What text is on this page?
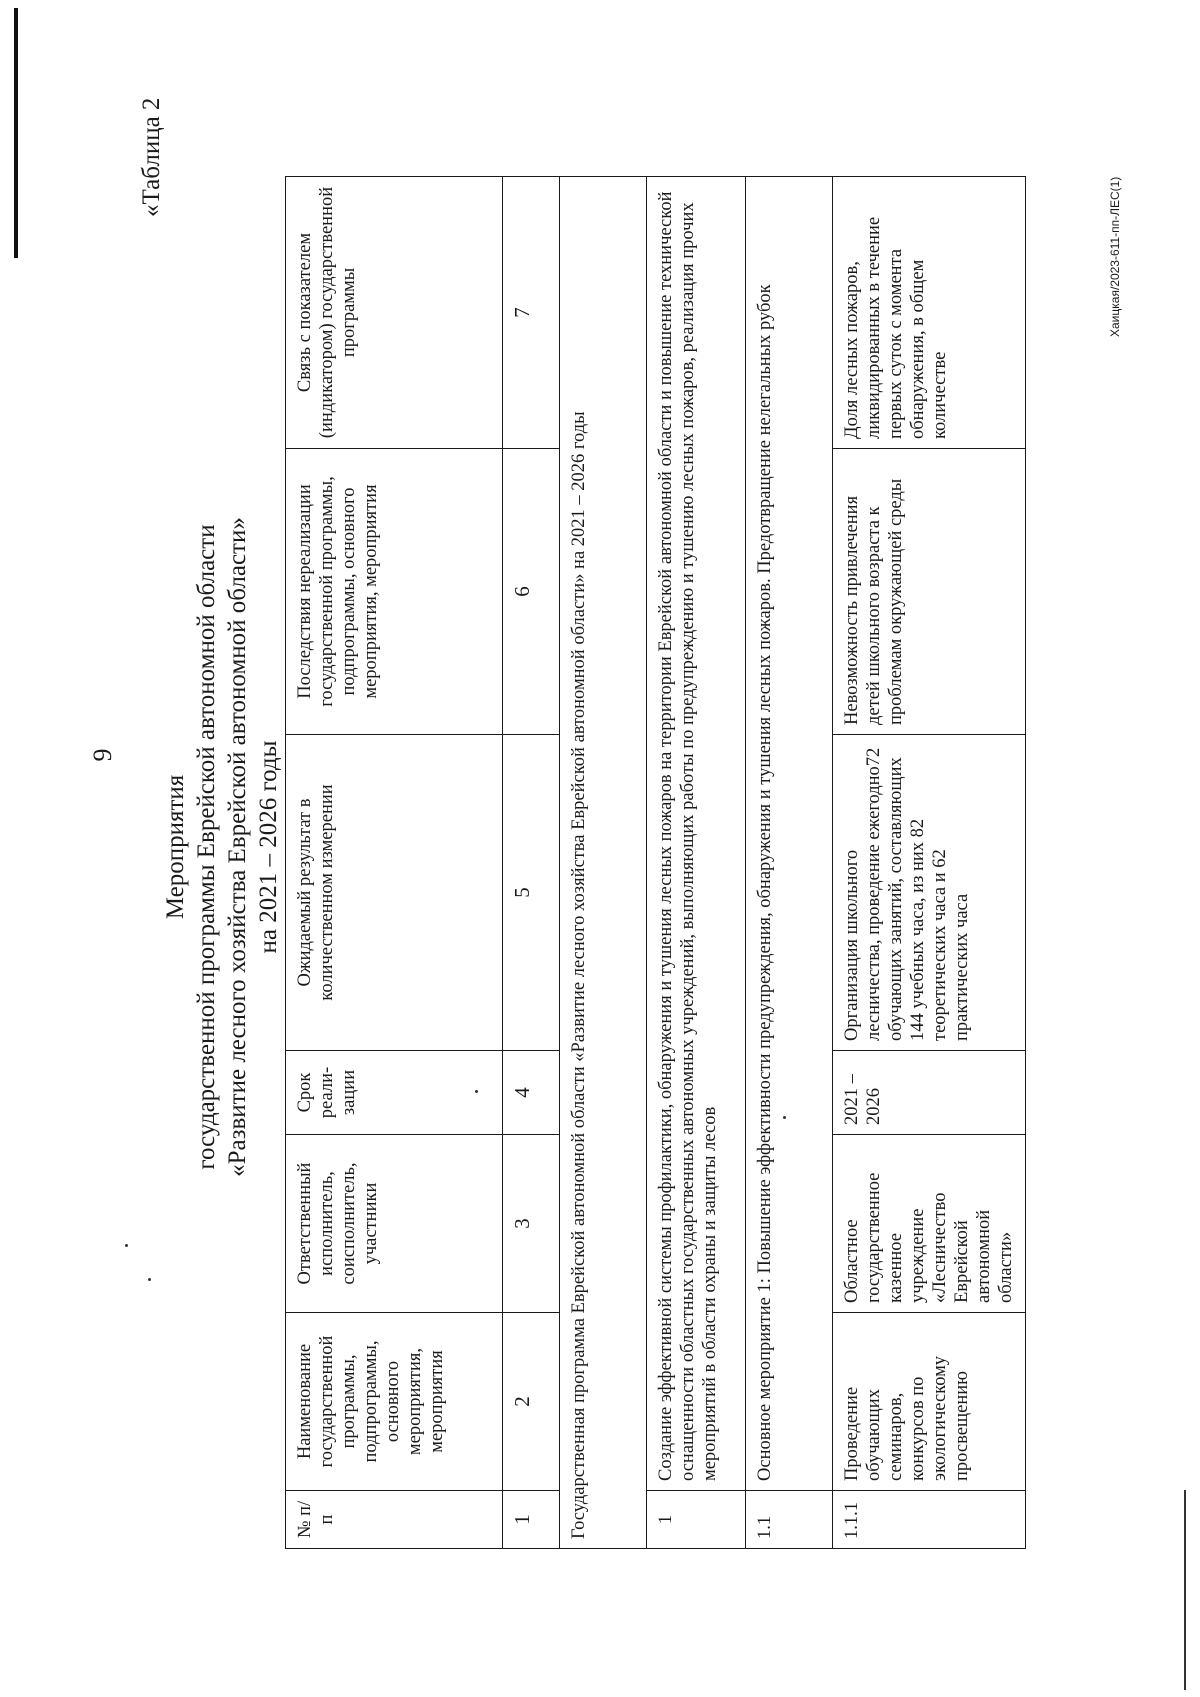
9
«Таблица 2
Мероприятия государственной программы Еврейской автономной области «Развитие лесного хозяйства Еврейской автономной области» на 2021 – 2026 годы
№ п/п	Наименование государственной программы, подпрограммы, основного мероприятия, мероприятия	Ответственный исполнитель, соисполнитель, участники	Срок реали-зации	Ожидаемый результат в количественном измерении	Последствия нереализации государственной программы, подпрограммы, основного мероприятия, мероприятия	Связь с показателем (индикатором) государственной программы
1	2	3	4	5	6	7
Государственная программа Еврейской автономной области «Развитие лесного хозяйства Еврейской автономной области» на 2021 – 2026 годы						
1	Создание эффективной системы профилактики, обнаружения и тушения лесных пожаров на территории Еврейской автономной области и повышение технической оснащенности областных государственных автономных учреждений, выполняющих работы по предупреждению и тушению лесных пожаров, реализация прочих мероприятий в области охраны и защиты лесов					
1.1	Основное мероприятие 1: Повышение эффективности предупреждения, обнаружения и тушения лесных пожаров. Предотвращение нелегальных рубок					
1.1.1	Проведение обучающих семинаров, конкурсов по экологическому просвещению	Областное государственное казенное учреждение «Лесничество Еврейской автономной области»	2021 – 2026	Организация школьного лесничества, проведение ежегодно72 обучающих занятий, составляющих 144 учебных часа, из них 82 теоретических часа и 62 практических часа	Невозможность привлечения детей школьного возраста к проблемам окружающей среды	Доля лесных пожаров, ликвидированных в течение первых суток с момента обнаружения, в общем количестве
Хаицкая/2023-611-пп-ЛЕС(1)
